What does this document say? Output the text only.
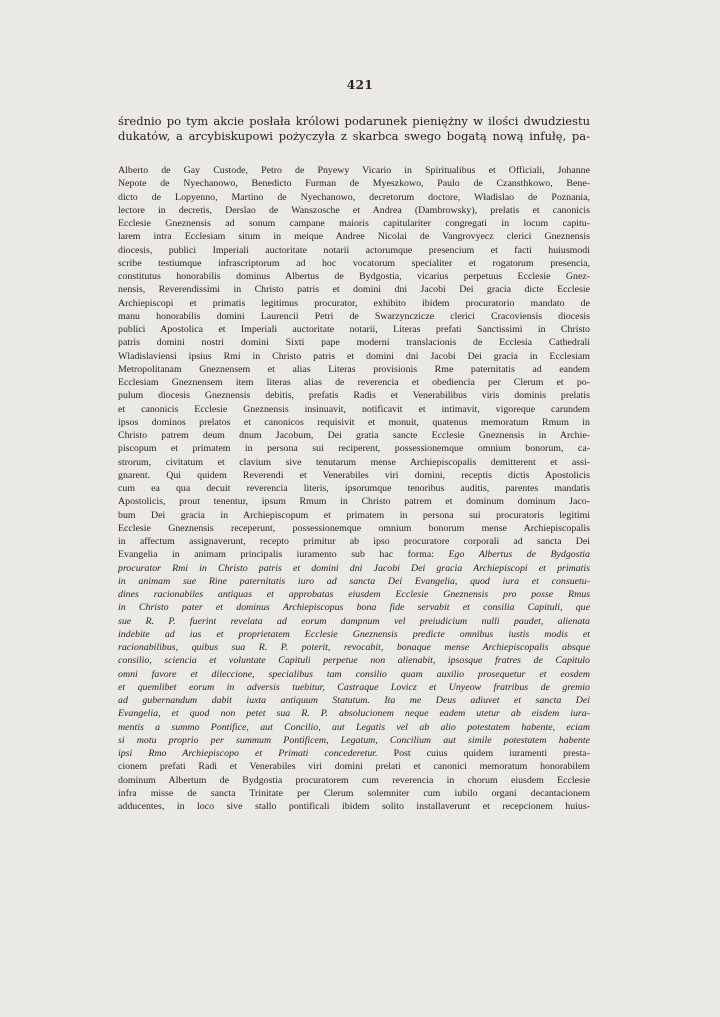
421
średnio po tym akcie posłała królowi podarunek pieniężny w ilości dwudziestu
dukatów, a arcybiskupowi pożyczyła z skarbca swego bogatą nową infułę, pa-
Alberto de Gay Custode, Petro de Pnyewy Vicario in Spiritualibus et Officiali, Johanne
Nepote de Nyechanowo, Benedicto Furman de Myeszkowo, Paulo de Czansthkowo, Bene-
dicto de Lopyenno, Martino de Nyechanowo, decretorum doctore, Władislao de Poznania,
lectore in decretis, Derslao de Wanszosche et Andrea (Dambrowsky), prelatis et canonicis
Ecclesie Gneznensis ad sonum campane maioris capitulariter congregati in locum capitu-
larem intra Ecclesiam situm in meique Andree Nicolai de Vangrovyecz clerici Gneznensis
diocesis, publici Imperiali auctoritate notarii actorumque presencium et facti huiusmodi
scribe testiumque infrascriptorum ad hoc vocatorum specialiter et rogatorum presencia,
constitutus honorabilis dominus Albertus de Bydgostia, vicarius perpetuus Ecclesie Gnez-
nensis, Reverendissimi in Christo patris et domini dni Jacobi Dei gracia dicte Ecclesie
Archiepiscopi et primatis legitimus procurator, exhibito ibidem procuratorio mandato de
manu honorabilis domini Laurencii Petri de Swarzynczicze clerici Cracoviensis diocesis
publici Apostolica et Imperiali auctoritate notarii, Literas prefati Sanctissimi in Christo
patris domini nostri domini Sixti pape moderni translacionis de Ecclesia Cathedrali
Wladislaviensi ipsius Rmi in Christo patris et domini dni Jacobi Dei gracia in Ecclesiam
Metropolitanam Gneznensem et alias Literas provisionis Rme paternitatis ad eandem
Ecclesiam Gneznensem item literas alias de reverencia et obediencia per Clerum et po-
pulum diocesis Gneznensis debitis, prefatis Radis et Venerabilibus viris dominis prelatis
et canonicis Ecclesie Gneznensis insinuavit, notificavit et intimavit, vigoreque carundem
ipsos dominos prelatos et canonicos requisivit et monuit, quatenus memoratum Rmum in
Christo patrem deum dnum Jacobum, Dei gratia sancte Ecclesie Gneznensis in Archie-
piscopum et primatem in persona sui reciperent, possessionemque omnium bonorum, ca-
strorum, civitatum et clavium sive tenutarum mense Archiepiscopalis demitterent et assi-
gnarent. Qui quidem Reverendi et Venerabiles viri domini, receptis dictis Apostolicis
cum ea qua decuit reverencia literis, ipsorumque tenoribus auditis, parentes mandatis
Apostolicis, prout tenentur, ipsum Rmum in Christo patrem et dominum dominum Jaco-
bum Dei gracia in Archiepiscopum et primatem in persona sui procuratoris legitimi
Ecclesie Gneznensis receperunt, possessionemque omnium bonorum mense Archiepiscopalis
in affectum assignaverunt, recepto primitur ab ipso procuratore corporali ad sancta Dei
Evangelia in animam principalis iuramento sub hac forma: Ego Albertus de Bydgostia
procurator Rmi in Christo patris et domini dni Jacobi Dei gracia Archiepiscopi et primatis
in animam sue Rine paternitatis iuro ad sancta Dei Evangelia, quod iura et consuetu-
dines racionabiles antiquas et approbatas eiusdem Ecclesie Gneznensis pro posse Rmus
in Christo pater et dominus Archiepiscopus bona fide servabit et consilia Capituli, que
sue R. P. fuerint revelata ad eorum dampnum vel preiudicium nulli paudet, alienata
indebite ad ius et proprietatem Ecclesie Gneznensis predicte omnibus iustis modis et
racionabilibus, quibus sua R. P. poterit, revocabit, bonaque mense Archiepiscopalis absque
consilio, sciencia et voluntate Capituli perpetue non alienabit, ipsosque fratres de Capitulo
omni favore et dileccione, specialibus tam consilio quam auxilio prosequetur et eosdem
et quemlibet eorum in adversis tuebitur, Castraque Lovicz et Unyeow fratribus de gremio
ad gubernandum dabit iuxta antiquum Statutum. Ita me Deus adiuvet et sancta Dei
Evangelia, et quod non petet sua R. P. absolucionem neque eadem utetur ab eisdem iura-
mentis a summo Pontifice, aut Concilio, aut Legatis vel ab alio potestatem habente, eciam
si motu proprio per summum Pontificem, Legatum, Concilium aut simile potestatem habente
ipsi Rmo Archiepiscopo et Primati concederetur. Post cuius quidem iuramenti presta-
cionem prefati Radi et Venerabiles viri domini prelati et canonici memoratum honorabilem
dominum Albertum de Bydgostia procuratorem cum reverencia in chorum eiusdem Ecclesie
infra misse de sancta Trinitate per Clerum solemniter cum iubilo organi decantacionem
adducentes, in loco sive stallo pontificali ibidem solito installaverunt et recepcionem huius-
